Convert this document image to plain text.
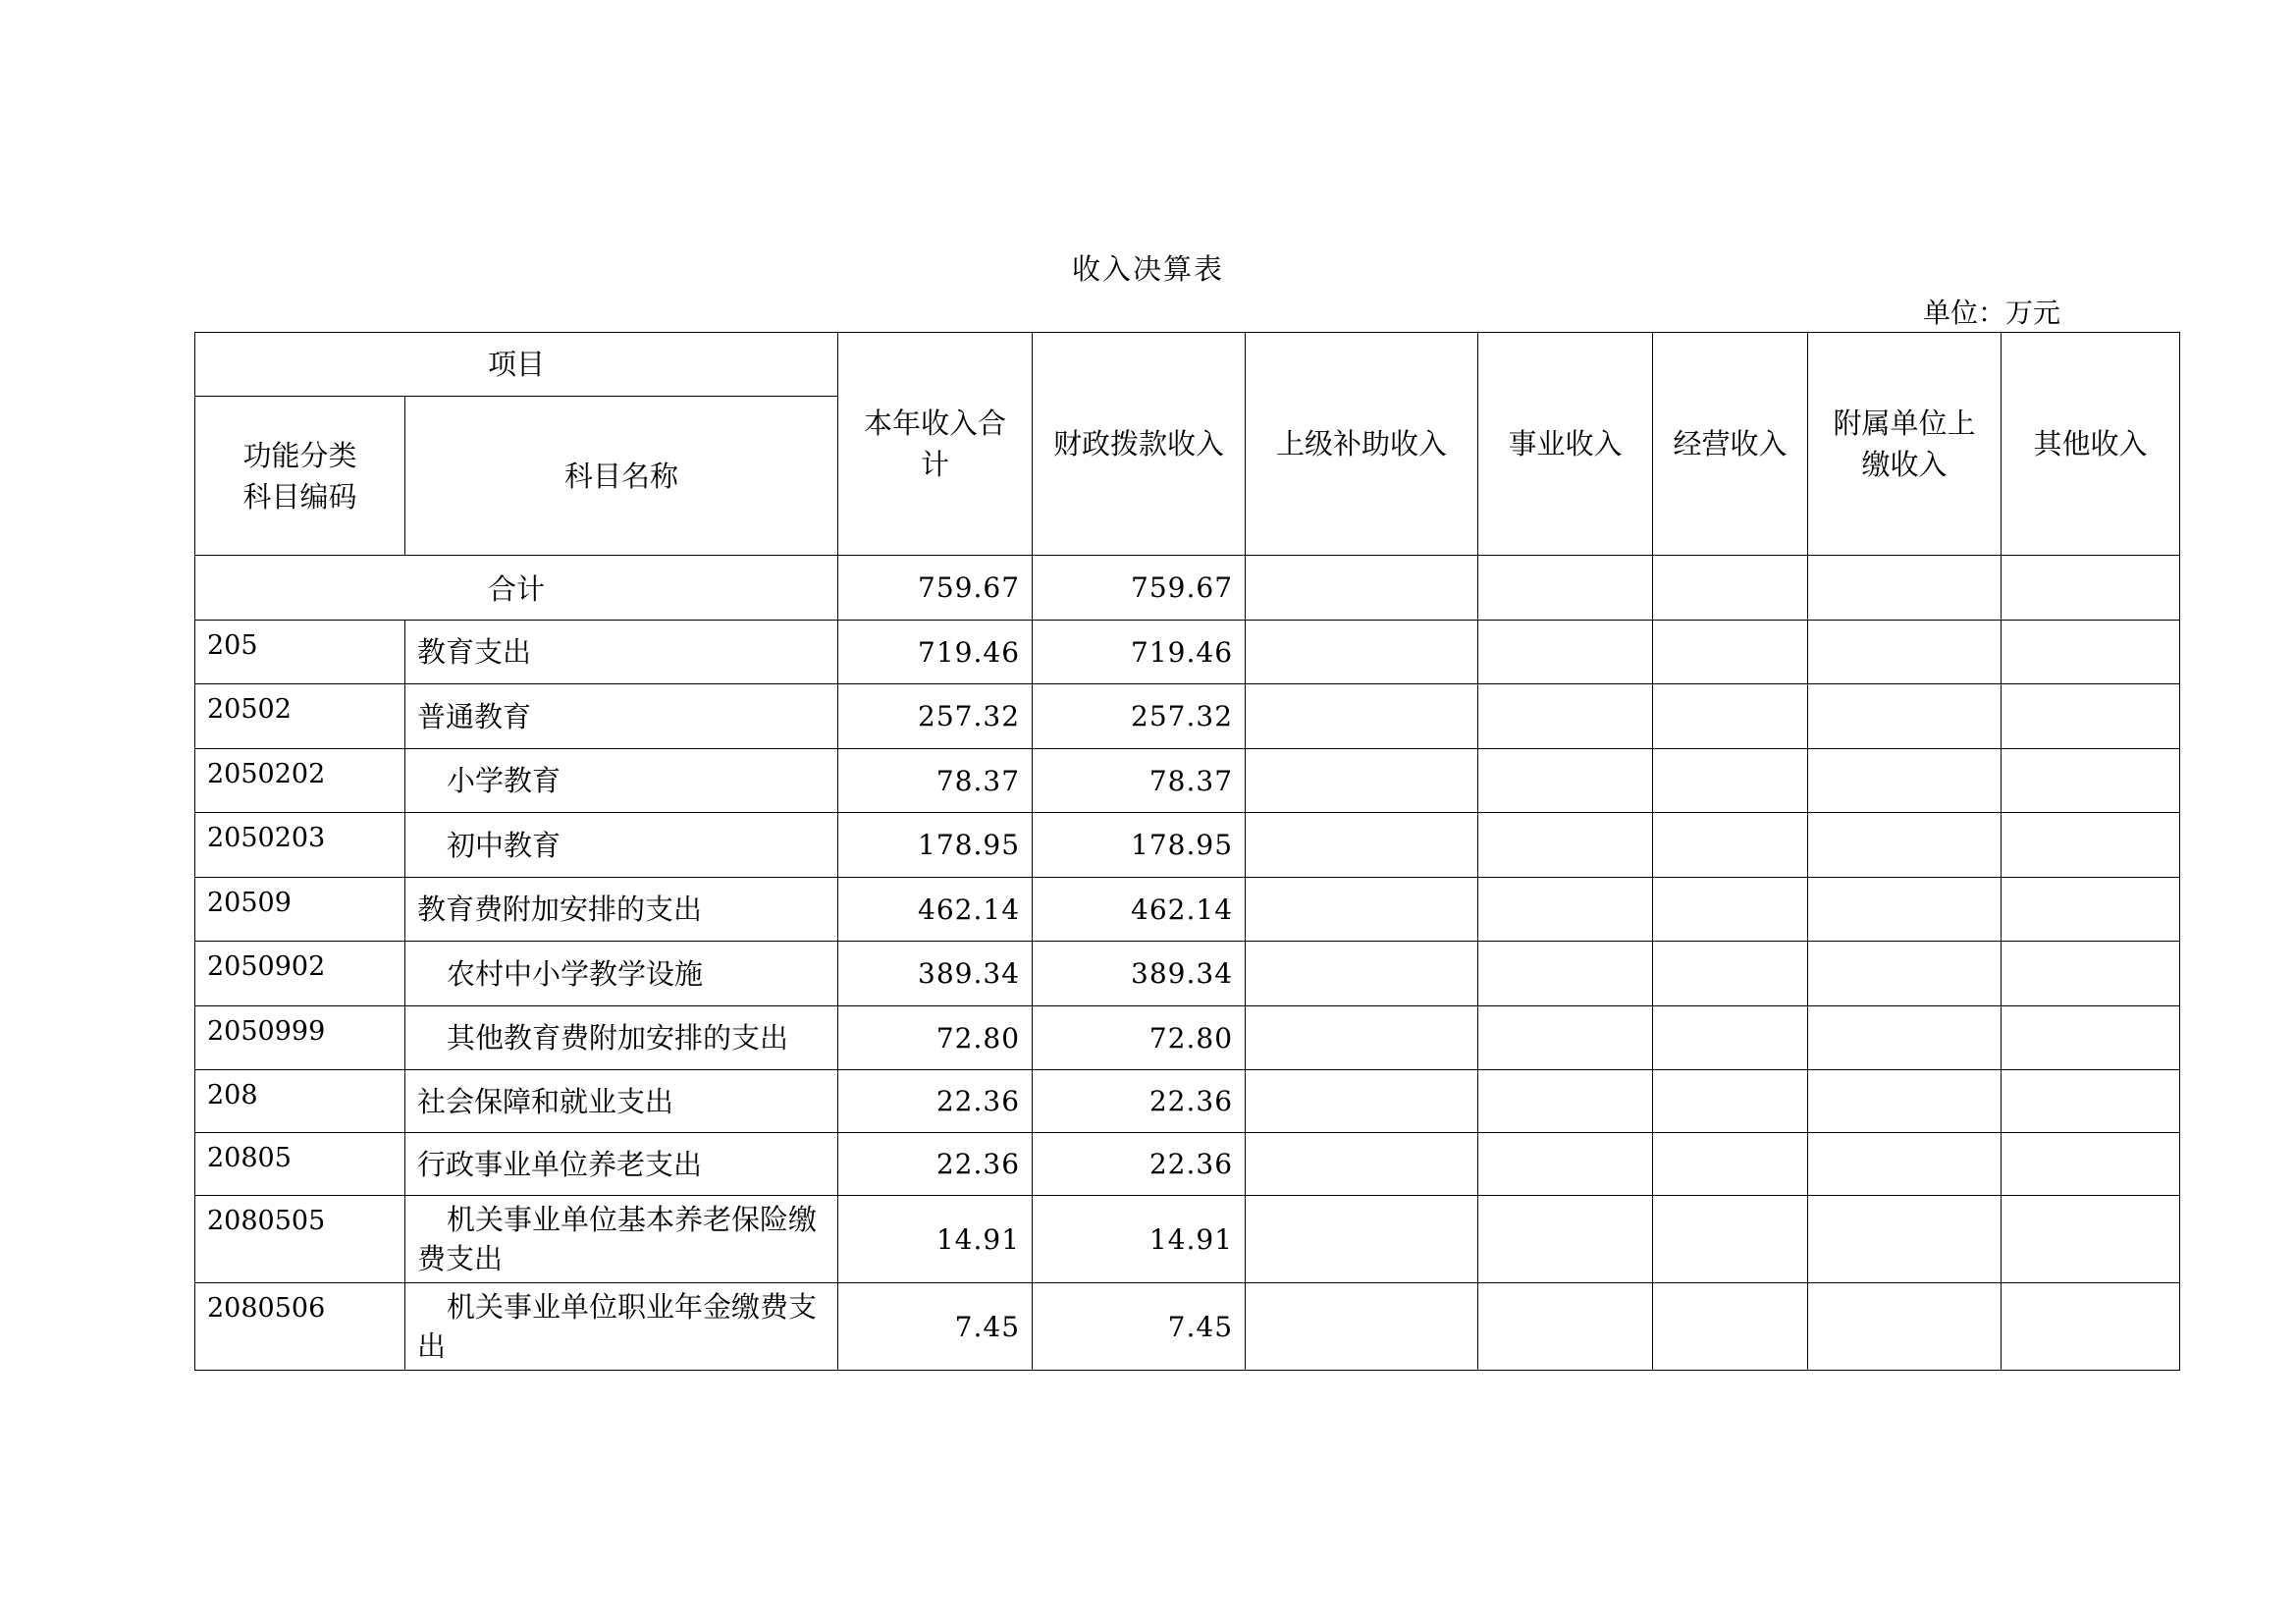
收入决算表
单位：万元
项目		本年收入合计	财政拨款收入	上级补助收入	事业收入	经营收入	附属单位上缴收入	其他收入
功能分类
科目编码	科目名称							
合计		759.67	759.67					
205	教育支出	719.46	719.46					
20502	普通教育	257.32	257.32					
2050202	小学教育	78.37	78.37					
2050203	初中教育	178.95	178.95					
20509	教育费附加安排的支出	462.14	462.14					
2050902	农村中小学教学设施	389.34	389.34					
2050999	其他教育费附加安排的支出	72.80	72.80					
208	社会保障和就业支出	22.36	22.36					
20805	行政事业单位养老支出	22.36	22.36					
2080505	机关事业单位基本养老保险缴费支出	14.91	14.91					
2080506	机关事业单位职业年金缴费支出	7.45	7.45					
